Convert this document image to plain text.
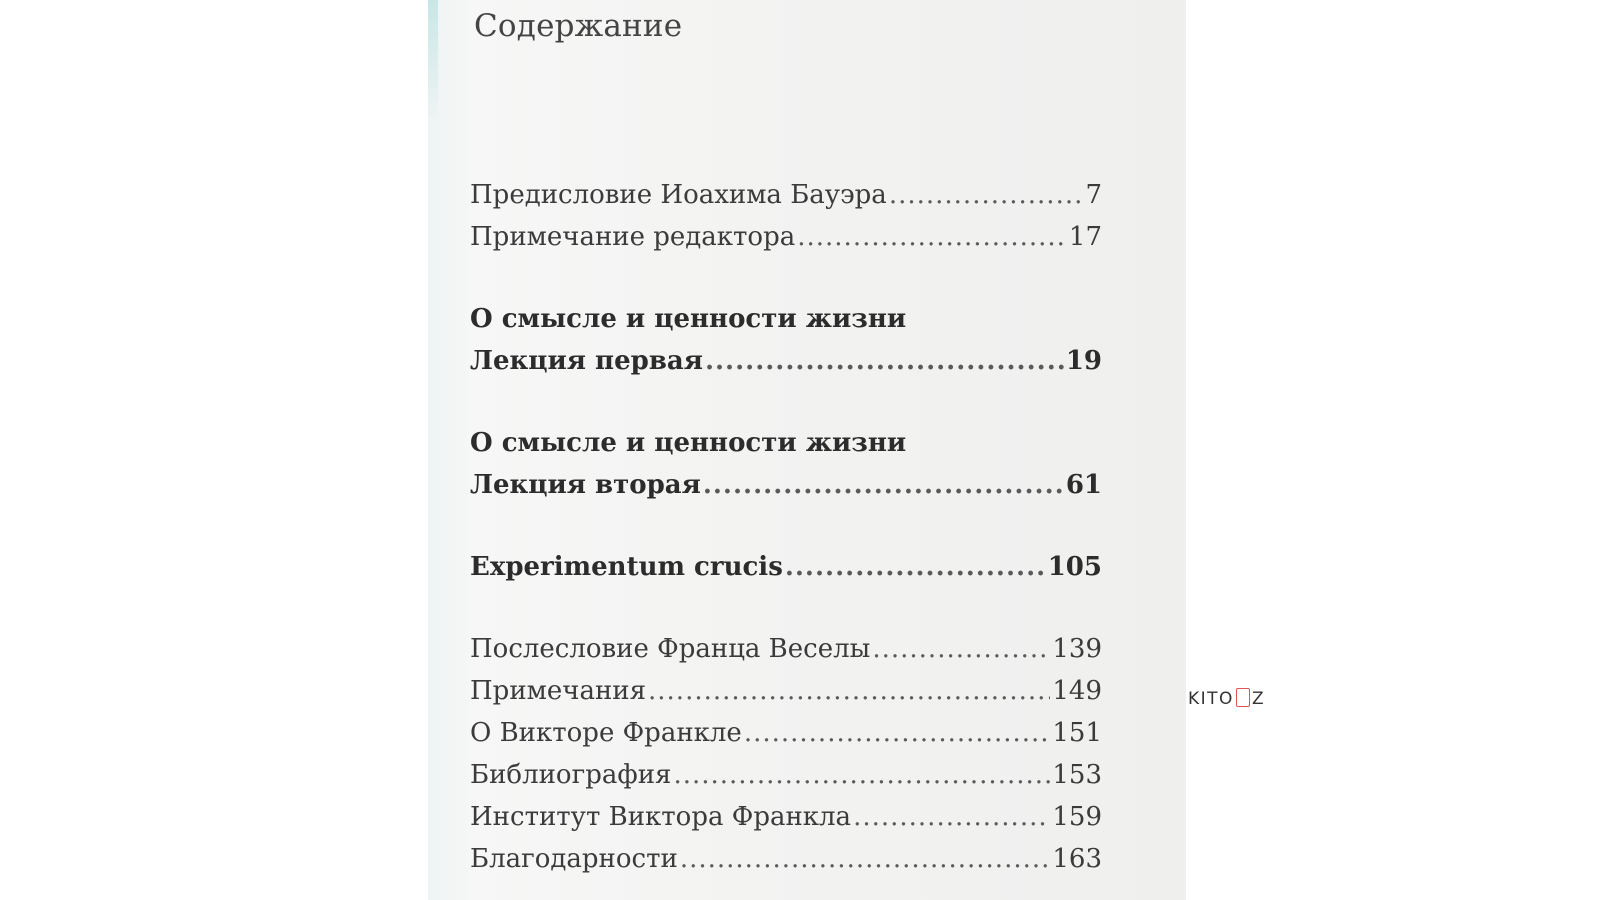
Содержание
Предисловие Иоахима Бауэра .....	7
Примечание редактора .....	17
О смысле и ценности жизни
Лекция первая .....	19
О смысле и ценности жизни
Лекция вторая .....	61
Experimentum crucis .....	105
Послесловие Франца Веселы .....	139
Примечания .....	149
О Викторе Франкле .....	151
Библиография .....	153
Институт Виктора Франкла .....	159
Благодарности .....	163
KITO Z
